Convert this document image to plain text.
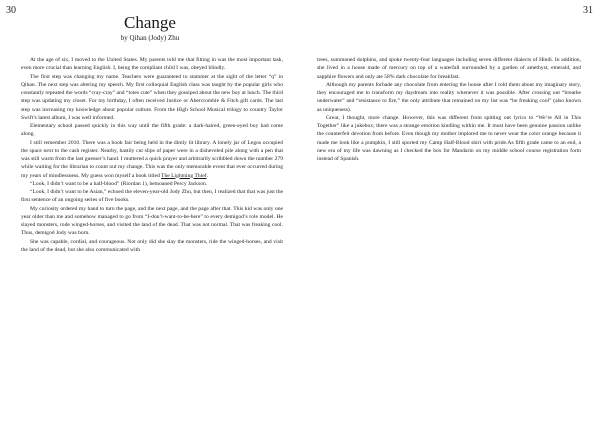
30
Change
by Qihan (Jody) Zhu

At the age of six, I moved to the United States. My parents told me that fitting in was the most important task, even more crucial than learning English. I, being the compliant child I was, obeyed blindly.

The first step was changing my name. Teachers were guaranteed to stammer at the sight of the letter “q” in Qihan. The next step was altering my speech. My first colloquial English class was taught by the popular girls who constantly repeated the words “cray-cray” and “totes cute” when they gossiped about the new boy at lunch. The third step was updating my closet. For my birthday, I often received Justice or Abercrombie & Fitch gift cards. The last step was increasing my knowledge about popular culture. From the High School Musical trilogy to country Taylor Swift’s latest album, I was well informed.

Elementary school passed quickly in this way until the fifth grade: a dark-haired, green-eyed boy had come along.

I still remember 2010. There was a book fair being held in the dimly lit library. A lonely jar of Legos occupied the space next to the cash register. Nearby, hastily cut slips of paper were in a disheveled pile along with a pen that was still warm from the last guesser’s hand. I muttered a quick prayer and arbitrarily scribbled down the number 279 while waiting for the librarian to count out my change. This was the only memorable event that ever occurred during my years of mindlessness. My guess won myself a book titled The Lightning Thief.

“Look, I didn’t want to be a half-blood” (Riordan 1), bemoaned Percy Jackson.

“Look, I didn’t want to be Asian,” echoed the eleven-year-old Jody Zhu, but then, I realized that that was just the first sentence of an ongoing series of five books.

My curiosity ordered my hand to turn the page, and the next page, and the page after that. This kid was only one year older than me and somehow managed to go from “I-don’t-want-to-be-here” to every demigod’s role model. He slayed monsters, rode winged-horses, and visited the land of the dead. That was not normal. That was freaking cool. Thus, demigod Jody was born.

She was capable, cordial, and courageous. Not only did she slay the monsters, ride the winged-horses, and visit the land of the dead, but she also communicated with

31

trees, summoned dolphins, and spoke twenty-four languages including seven different dialects of Hindi. In addition, she lived in a house made of mercury on top of a waterfall surrounded by a garden of amethyst, emerald, and sapphire flowers and only ate 58% dark chocolate for breakfast.

Although my parents forbade any chocolate from entering the house after I told them about my imaginary story, they encouraged me to transform my daydream into reality whenever it was possible. After crossing out “breathe underwater” and “resistance to fire,” the only attribute that remained on my list was “be freaking cool” (also known as uniqueness).

Great, I thought, more change. However, this was different from spitting out lyrics to “We’re All in This Together” like a jukebox; there was a strange emotion kindling within me. It must have been genuine passion unlike the counterfeit devotion from before. Even though my mother implored me to never wear the color orange because it made me look like a pumpkin, I still sported my Camp Half-Blood shirt with pride.As fifth grade came to an end, a new era of my life was dawning as I checked the box for Mandarin on my middle school course registration form instead of Spanish.
